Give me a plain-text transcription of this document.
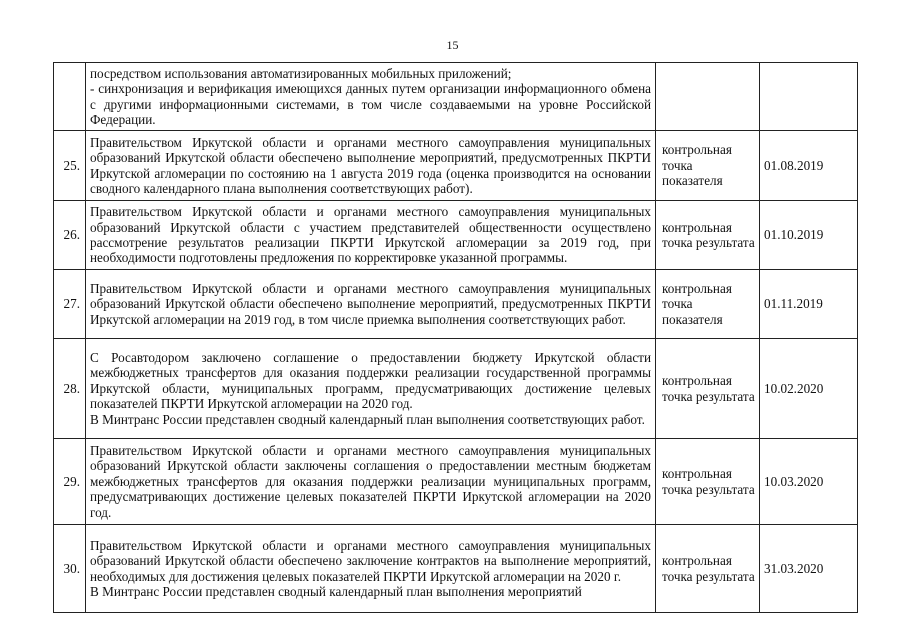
15

	посредством использования автоматизированных мобильных приложений;

- синхронизация и верификация имеющихся данных путем организации информационного обмена с другими информационными системами, в том числе создаваемыми на уровне Российской Федерации.		

25.	Правительством Иркутской области и органами местного самоуправления муниципальных образований Иркутской области обеспечено выполнение мероприятий, предусмотренных ПКРТИ Иркутской агломерации по состоянию на 1 августа 2019 года (оценка производится на основании сводного календарного плана выполнения соответствующих работ).	контрольная точка показателя	01.08.2019
26.	Правительством Иркутской области и органами местного самоуправления муниципальных образований Иркутской области с участием представителей общественности осуществлено рассмотрение результатов реализации ПКРТИ Иркутской агломерации за 2019 год, при необходимости подготовлены предложения по корректировке указанной программы.	контрольная точка результата	01.10.2019
27.	Правительством Иркутской области и органами местного самоуправления муниципальных образований Иркутской области обеспечено выполнение мероприятий, предусмотренных ПКРТИ Иркутской агломерации на 2019 год, в том числе приемка выполнения соответствующих работ.	контрольная точка показателя	01.11.2019
28.	С Росавтодором заключено соглашение о предоставлении бюджету Иркутской области межбюджетных трансфертов для оказания поддержки реализации государственной программы Иркутской области, муниципальных программ, предусматривающих достижение целевых показателей ПКРТИ Иркутской агломерации на 2020 год.

В Минтранс России представлен сводный календарный план выполнения соответствующих работ.	контрольная точка результата	10.02.2020
29.	Правительством Иркутской области и органами местного самоуправления муниципальных образований Иркутской области заключены соглашения о предоставлении местным бюджетам межбюджетных трансфертов для оказания поддержки реализации муниципальных программ, предусматривающих достижение целевых показателей ПКРТИ Иркутской агломерации на 2020 год.	контрольная точка результата	10.03.2020
30.	Правительством Иркутской области и органами местного самоуправления муниципальных образований Иркутской области обеспечено заключение контрактов на выполнение мероприятий, необходимых для достижения целевых показателей ПКРТИ Иркутской агломерации на 2020 г.

В Минтранс России представлен сводный календарный план выполнения мероприятий	контрольная точка результата	31.03.2020
